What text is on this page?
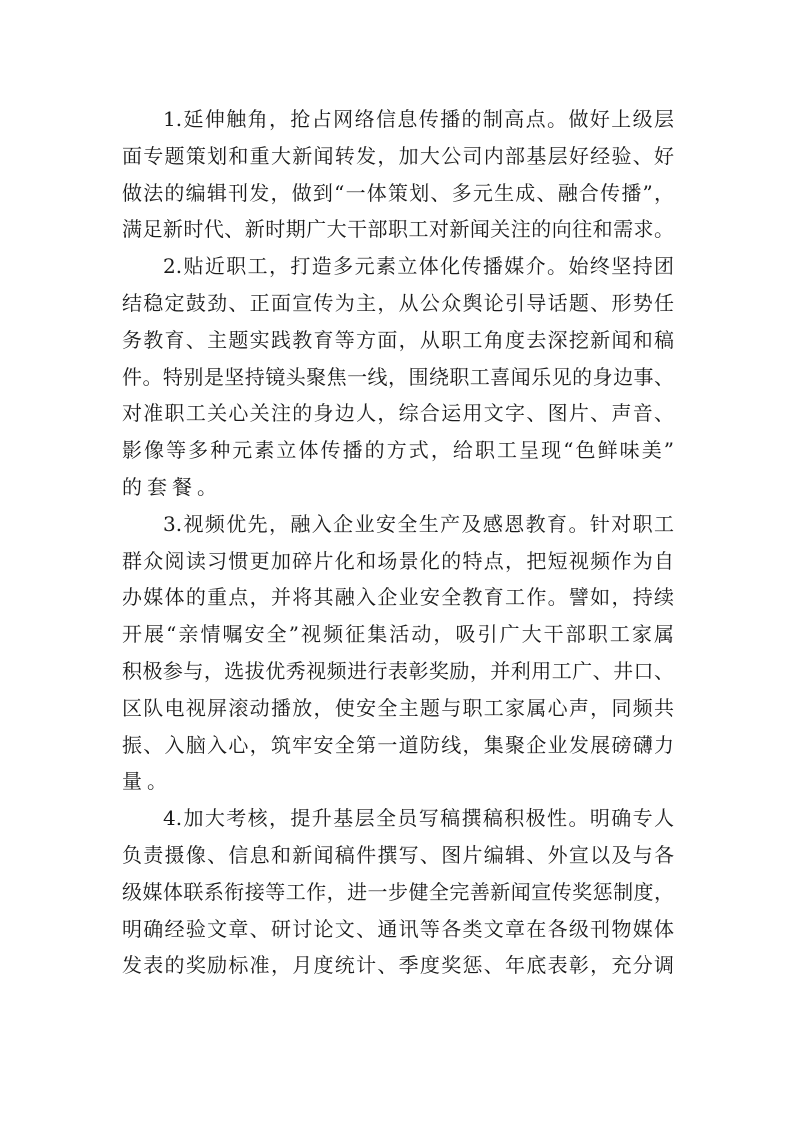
1.延伸触角，抢占网络信息传播的制高点。做好上级层
面专题策划和重大新闻转发，加大公司内部基层好经验、好
做法的编辑刊发，做到“一体策划、多元生成、融合传播”，
满足新时代、新时期广大干部职工对新闻关注的向往和需求。
2.贴近职工，打造多元素立体化传播媒介。始终坚持团
结稳定鼓劲、正面宣传为主，从公众舆论引导话题、形势任
务教育、主题实践教育等方面，从职工角度去深挖新闻和稿
件。特别是坚持镜头聚焦一线，围绕职工喜闻乐见的身边事、
对准职工关心关注的身边人，综合运用文字、图片、声音、
影像等多种元素立体传播的方式，给职工呈现“色鲜味美”
的套餐。
3.视频优先，融入企业安全生产及感恩教育。针对职工
群众阅读习惯更加碎片化和场景化的特点，把短视频作为自
办媒体的重点，并将其融入企业安全教育工作。譬如，持续
开展“亲情嘱安全”视频征集活动，吸引广大干部职工家属
积极参与，选拔优秀视频进行表彰奖励，并利用工广、井口、
区队电视屏滚动播放，使安全主题与职工家属心声，同频共
振、入脑入心，筑牢安全第一道防线，集聚企业发展磅礴力
量。
4.加大考核，提升基层全员写稿撰稿积极性。明确专人
负责摄像、信息和新闻稿件撰写、图片编辑、外宣以及与各
级媒体联系衔接等工作，进一步健全完善新闻宣传奖惩制度，
明确经验文章、研讨论文、通讯等各类文章在各级刊物媒体
发表的奖励标准，月度统计、季度奖惩、年底表彰，充分调
